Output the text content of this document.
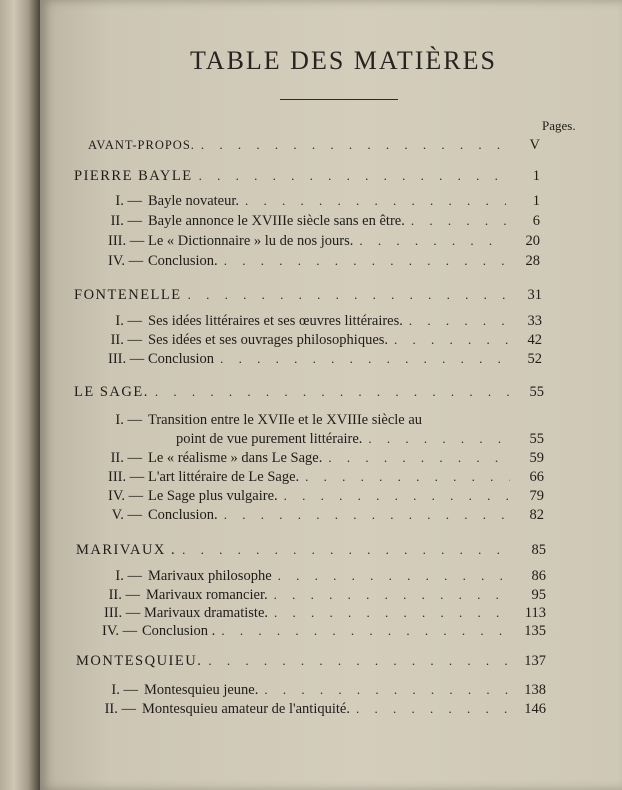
TABLE DES MATIÈRES
Pages.
AVANT-PROPOS. . . .	V
PIERRE BAYLE . . .	1
I. — Bayle novateur. . . .	1
II. — Bayle annonce le XVIIIe siècle sans en être. . . .	6
III. — Le « Dictionnaire » lu de nos jours. . . .	20
IV. — Conclusion. . . .	28
FONTENELLE . . .	31
I. — Ses idées littéraires et ses œuvres littéraires. . . .	33
II. — Ses idées et ses ouvrages philosophiques. . . .	42
III. — Conclusion . . .	52
LE SAGE. . . .	55
I. — Transition entre le XVIIe et le XVIIIe siècle au
point de vue purement littéraire. . . .	55
II. — Le « réalisme » dans Le Sage. . . .	59
III. — L'art littéraire de Le Sage. . . .	66
IV. — Le Sage plus vulgaire. . . .	79
V. — Conclusion. . . .	82
MARIVAUX . . . .	85
I. — Marivaux philosophe . . .	86
II. — Marivaux romancier. . . .	95
III. — Marivaux dramatiste. . . .	113
IV. — Conclusion . . . .	135
MONTESQUIEU. . . .	137
I. — Montesquieu jeune. . . .	138
II. — Montesquieu amateur de l'antiquité. . . .	146
